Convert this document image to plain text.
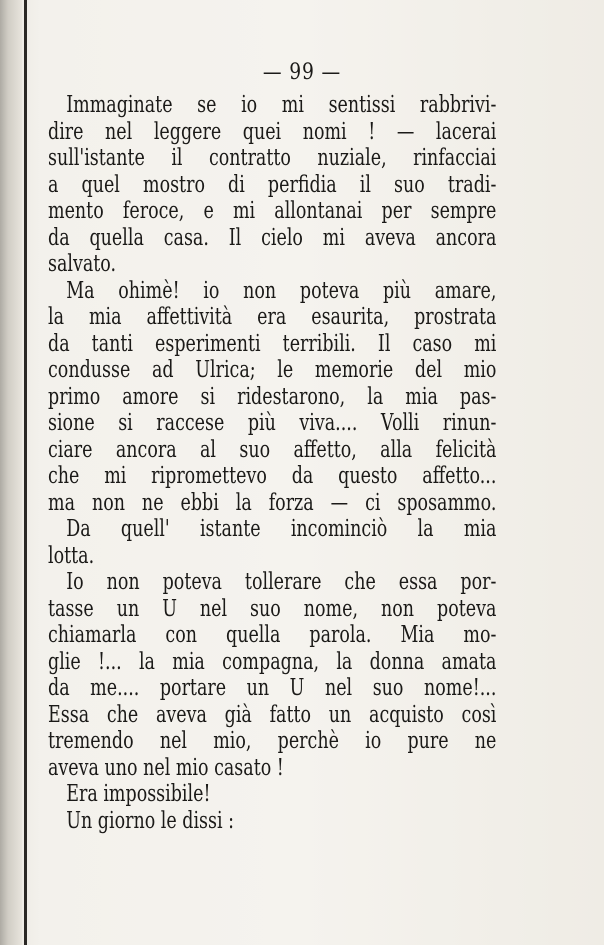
— 99 —
Immaginate se io mi sentissi rabbrivi-
dire nel leggere quei nomi ! — lacerai
sull'istante il contratto nuziale, rinfacciai
a quel mostro di perfidia il suo tradi-
mento feroce, e mi allontanai per sempre
da quella casa. Il cielo mi aveva ancora
salvato.
Ma ohimè! io non poteva più amare,
la mia affettività era esaurita, prostrata
da tanti esperimenti terribili. Il caso mi
condusse ad Ulrica; le memorie del mio
primo amore si ridestarono, la mia pas-
sione si raccese più viva.... Volli rinun-
ciare ancora al suo affetto, alla felicità
che mi ripromettevo da questo affetto...
ma non ne ebbi la forza — ci sposammo.
Da quell' istante incominciò la mia
lotta.
Io non poteva tollerare che essa por-
tasse un U nel suo nome, non poteva
chiamarla con quella parola. Mia mo-
glie !... la mia compagna, la donna amata
da me.... portare un U nel suo nome!...
Essa che aveva già fatto un acquisto così
tremendo nel mio, perchè io pure ne
aveva uno nel mio casato !
Era impossibile!
Un giorno le dissi :
